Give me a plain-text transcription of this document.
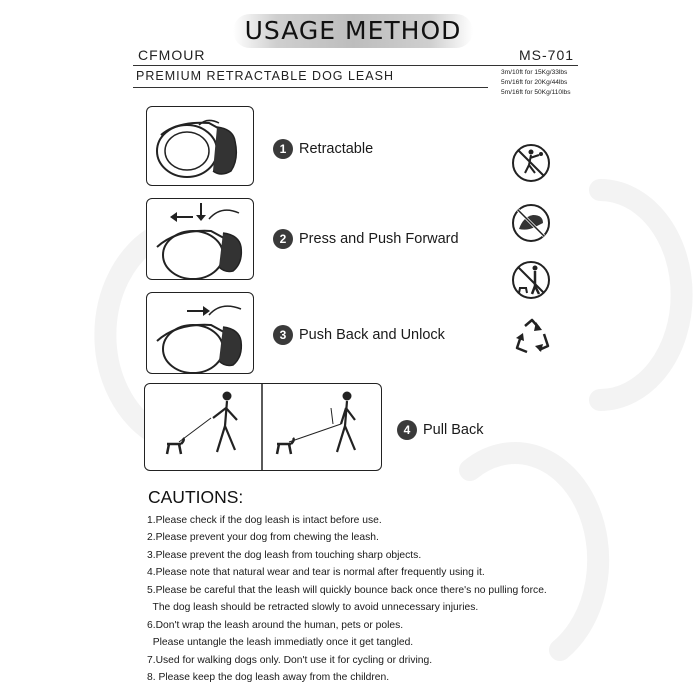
USAGE METHOD
CFMOUR	MS-701
PREMIUM RETRACTABLE DOG LEASH	3m/10ft for 15Kg/33lbs
5m/16ft for 20Kg/44lbs
5m/16ft for 50Kg/110lbs
1 Retractable
2 Press and Push Forward
3 Push Back and Unlock
4 Pull Back
CAUTIONS:
1.Please check if the dog leash is intact before use.
2.Please prevent your dog from chewing the leash.
3.Please prevent the dog leash from touching sharp objects.
4.Please note that natural wear and tear is normal after frequently using it.
5.Please be careful that the leash will quickly bounce back once there's no pulling force.
The dog leash should be retracted slowly to avoid unnecessary injuries.
6.Don't wrap the leash around the human, pets or poles.
Please untangle the leash immediatly once it get tangled.
7.Used for walking dogs only. Don't use it for cycling or driving.
8. Please keep the dog leash away from the children.
